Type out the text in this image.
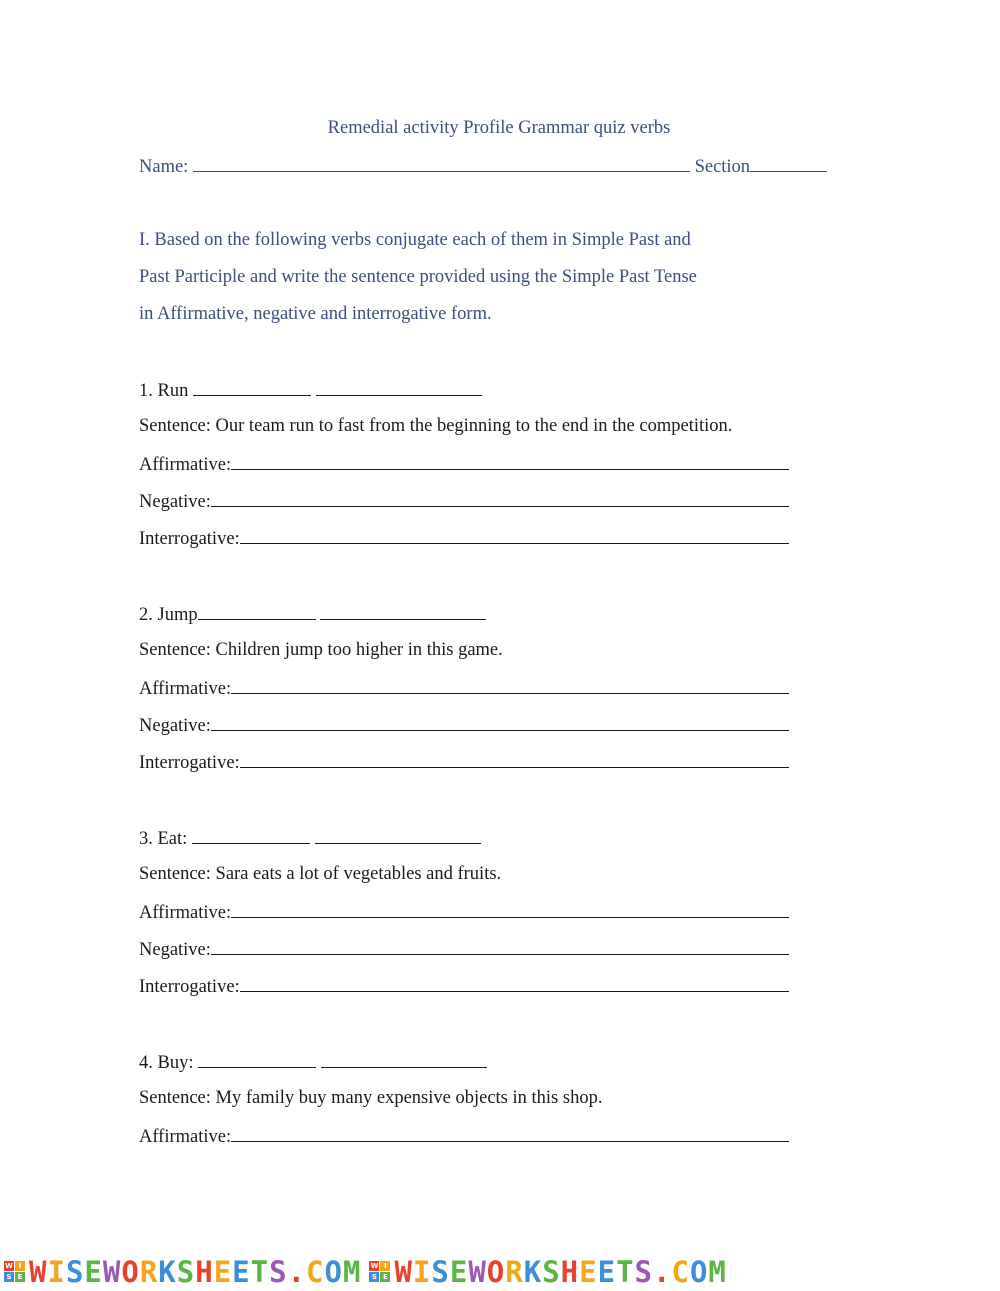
Remedial activity Profile Grammar quiz verbs
Name:	Section
I. Based on the following verbs conjugate each of them in Simple Past and
Past Participle and write the sentence provided using the Simple Past Tense
in Affirmative, negative and interrogative form.
1. Run
Sentence: Our team run to fast from the beginning to the end in the competition.
Affirmative:
Negative:
Interrogative:
2. Jump
Sentence: Children jump too higher in this game.
Affirmative:
Negative:
Interrogative:
3. Eat:
Sentence: Sara eats a lot of vegetables and fruits.
Affirmative:
Negative:
Interrogative:
4. Buy:
Sentence: My family buy many expensive objects in this shop.
Affirmative:
W I
S E WISEWORKSHEETS.COM W I
S E WISEWORKSHEETS.COM
